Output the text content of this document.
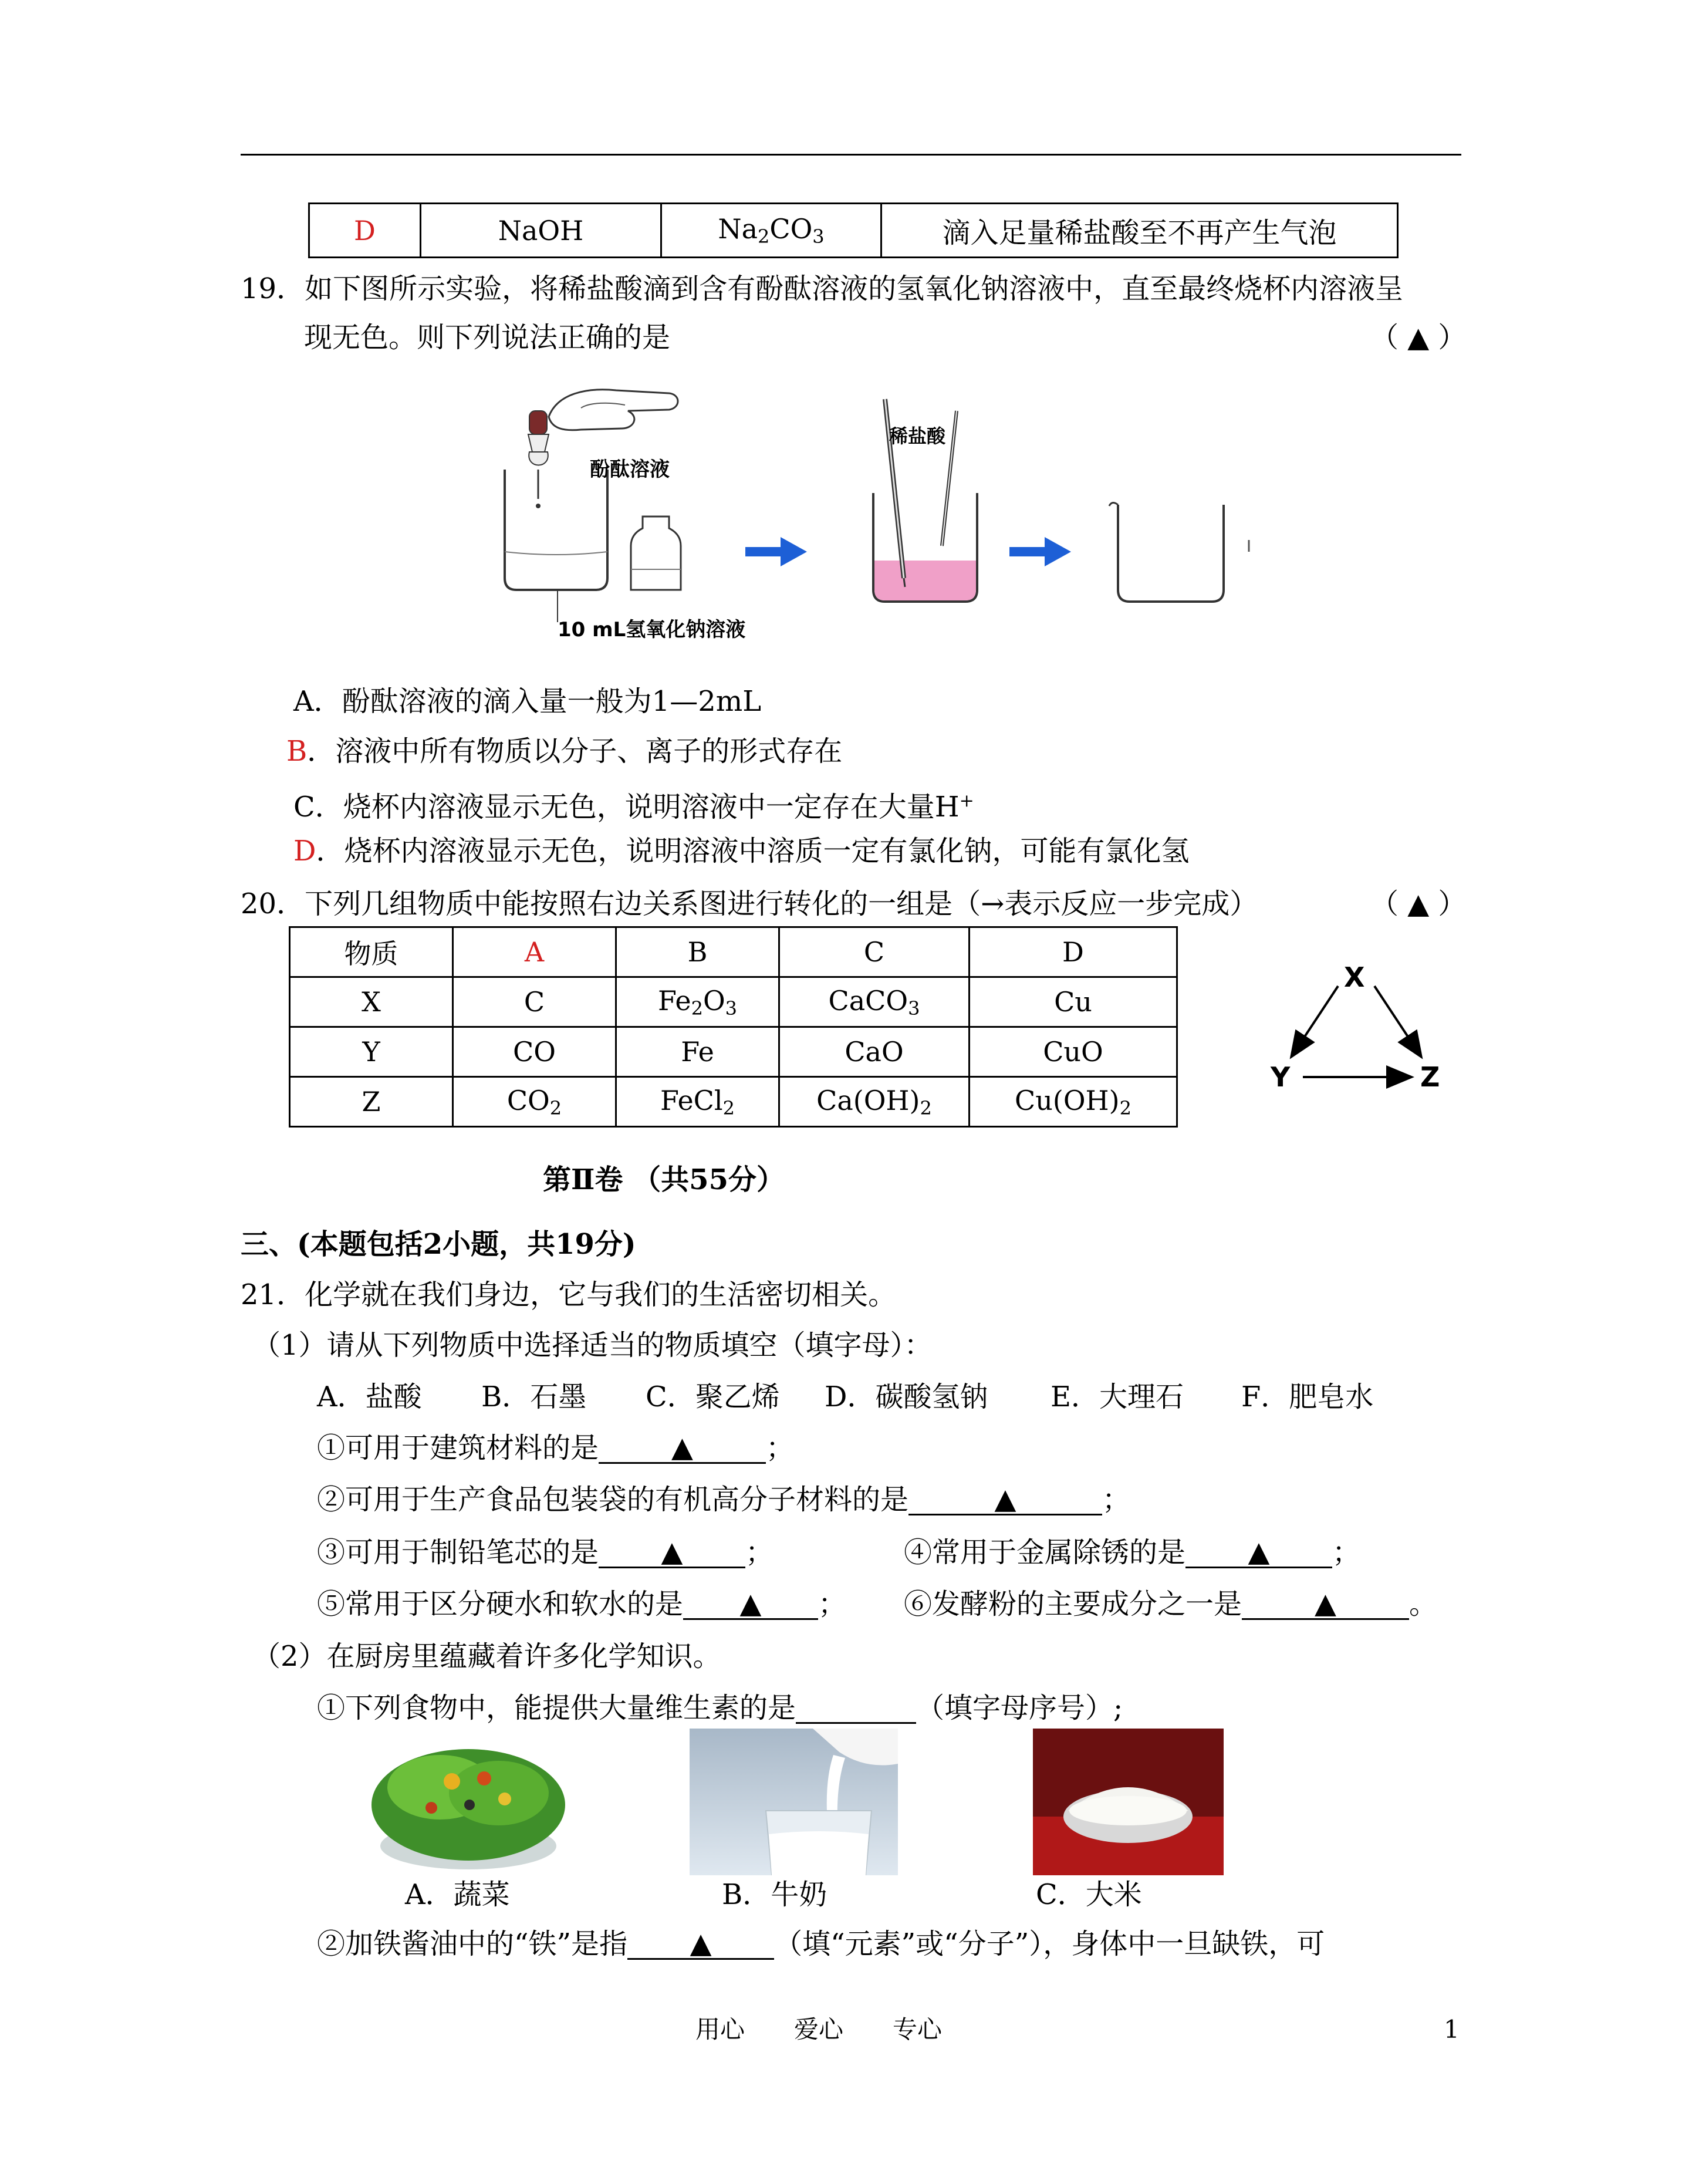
D	NaOH	$Na_2CO_3$	滴入足量稀盐酸至不再产生气泡
19．如下图所示实验，将稀盐酸滴到含有酚酞溶液的氢氧化钠溶液中，直至最终烧杯内溶液呈
现无色。则下列说法正确的是	（ ▲ ）
酚酞溶液
10 mL氢氧化钠溶液
稀盐酸
A．酚酞溶液的滴入量一般为1—2mL
B．溶液中所有物质以分子、离子的形式存在
C．烧杯内溶液显示无色，说明溶液中一定存在大量H+
D．烧杯内溶液显示无色，说明溶液中溶质一定有氯化钠，可能有氯化氢
20．下列几组物质中能按照右边关系图进行转化的一组是（→表示反应一步完成）	（ ▲ ）
物质	A	B	C	D
X	C	$Fe_2O_3$	CaCO$_3$	Cu
Y	CO	Fe	CaO	CuO
Z	$CO_2$	FeCl$_2$	$Ca(OH)_2$	$Cu(OH)_2$
X
Y	Z
第Ⅱ卷 （共55分）
三、(本题包括2小题，共19分)
21．化学就在我们身边，它与我们的生活密切相关。
（1）请从下列物质中选择适当的物质填空（填字母）：
A．盐酸 B．石墨 C．聚乙烯 D．碳酸氢钠 E．大理石 F．肥皂水
①可用于建筑材料的是	▲	；
②可用于生产食品包装袋的有机高分子材料的是	▲	；
③可用于制铅笔芯的是 ▲ ；	④常用于金属除锈的是 ▲ ；
⑤常用于区分硬水和软水的是 ▲ ； ⑥发酵粉的主要成分之一是	▲	。
（2）在厨房里蕴藏着许多化学知识。
①下列食物中，能提供大量维生素的是	（填字母序号）;
A．蔬菜	B．牛奶	C．大米
②加铁酱油中的“铁”是指 ▲ （填“元素”或“分子”），身体中一旦缺铁，可
用心　　爱心　　专心	1
